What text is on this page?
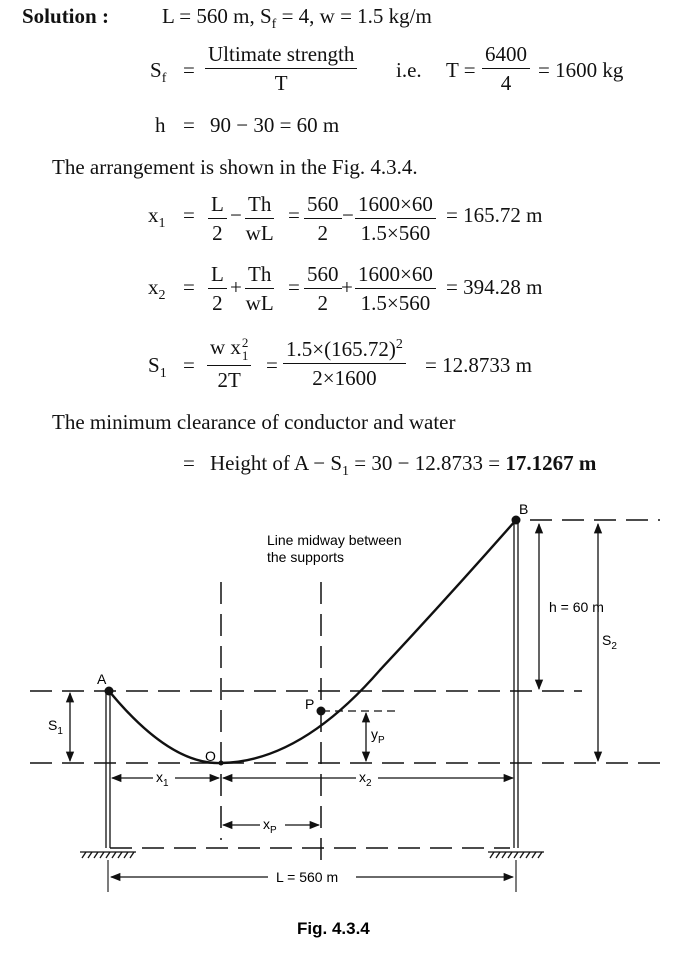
Solution :	L = 560 m, $S_f = 4$, w = 1.5 kg/m
$S_f$ =
Ultimate strength
T
i.e. $T = \frac{6400}{4} = 1600$ kg
h = 90 − 30 = 60 m
The arrangement is shown in the Fig. 4.3.4.
$x_1 = \frac{L}{2} - \frac{Th}{wL} = \frac{560}{2} - \frac{1600\times 60}{1.5\times 560} = 165.72$ m
$x_2 = \frac{L}{2} + \frac{Th}{wL} = \frac{560}{2} + \frac{1600\times 60}{1.5\times 560} = 394.28$ m
$S_1 = w$ x 2
1
$2T = \frac{1.5\times(165.72)^2}{2\times 1600} = 12.8733$ m
The minimum clearance of conductor and water
= Height of $A - S_1 = 30 - 12.8733 = 17.1267$ m
A
B
O
P
Line midway between
the supports
h = 60 m
$S_2$
$S_1$	$y_P$
$x_1$	$x_2$
$x_P$
L = 560 m
Fig. 4.3.4
